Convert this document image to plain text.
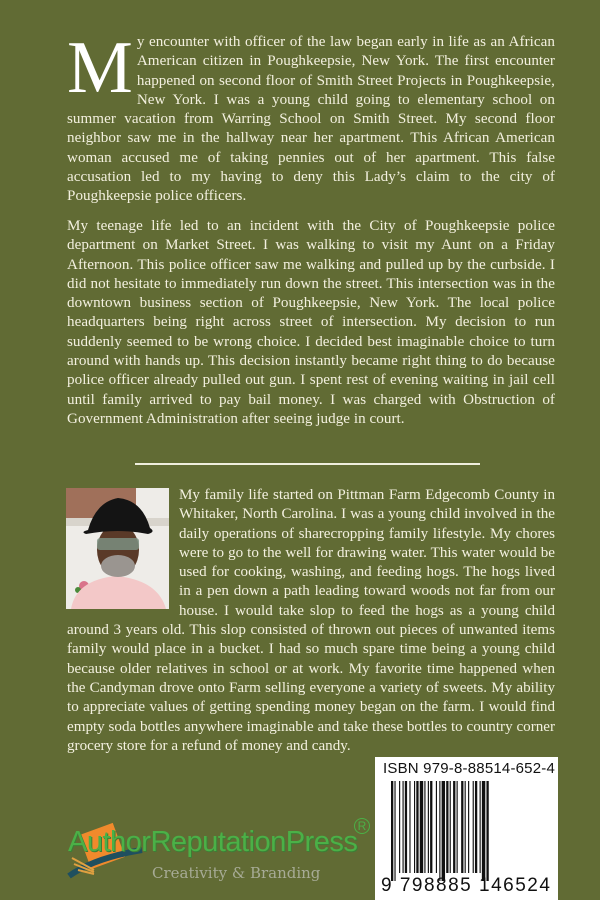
My encounter with officer of the law began early in life as an African American citizen in Poughkeepsie, New York. The first encounter happened on second floor of Smith Street Projects in Poughkeepsie, New York. I was a young child going to elementary school on summer vacation from Warring School on Smith Street. My second floor neighbor saw me in the hallway near her apartment. This African American woman accused me of taking pennies out of her apartment. This false accusation led to my having to deny this Lady’s claim to the city of Poughkeepsie police officers.
My teenage life led to an incident with the City of Poughkeepsie police department on Market Street. I was walking to visit my Aunt on a Friday Afternoon. This police officer saw me walking and pulled up by the curbside. I did not hesitate to immediately run down the street. This intersection was in the downtown business section of Poughkeepsie, New York. The local police headquarters being right across street of intersection. My decision to run suddenly seemed to be wrong choice. I decided best imaginable choice to turn around with hands up. This decision instantly became right thing to do because police officer already pulled out gun. I spent rest of evening waiting in jail cell until family arrived to pay bail money. I was charged with Obstruction of Government Administration after seeing judge in court.
My family life started on Pittman Farm Edgecomb County in Whitaker, North Carolina. I was a young child involved in the daily operations of sharecropping family lifestyle. My chores were to go to the well for drawing water. This water would be used for cooking, washing, and feeding hogs. The hogs lived in a pen down a path leading toward woods not far from our house. I would take slop to feed the hogs as a young child around 3 years old. This slop consisted of thrown out pieces of unwanted items family would place in a bucket. I had so much spare time being a young child because older relatives in school or at work. My favorite time happened when the Candyman drove onto Farm selling everyone a variety of sweets. My ability to appreciate values of getting spending money began on the farm. I would find empty soda bottles anywhere imaginable and take these bottles to country corner grocery store for a refund of money and candy.
AuthorReputationPress R
Creativity & Branding
ISBN 979-8-88514-652-4
9 798885 146524
